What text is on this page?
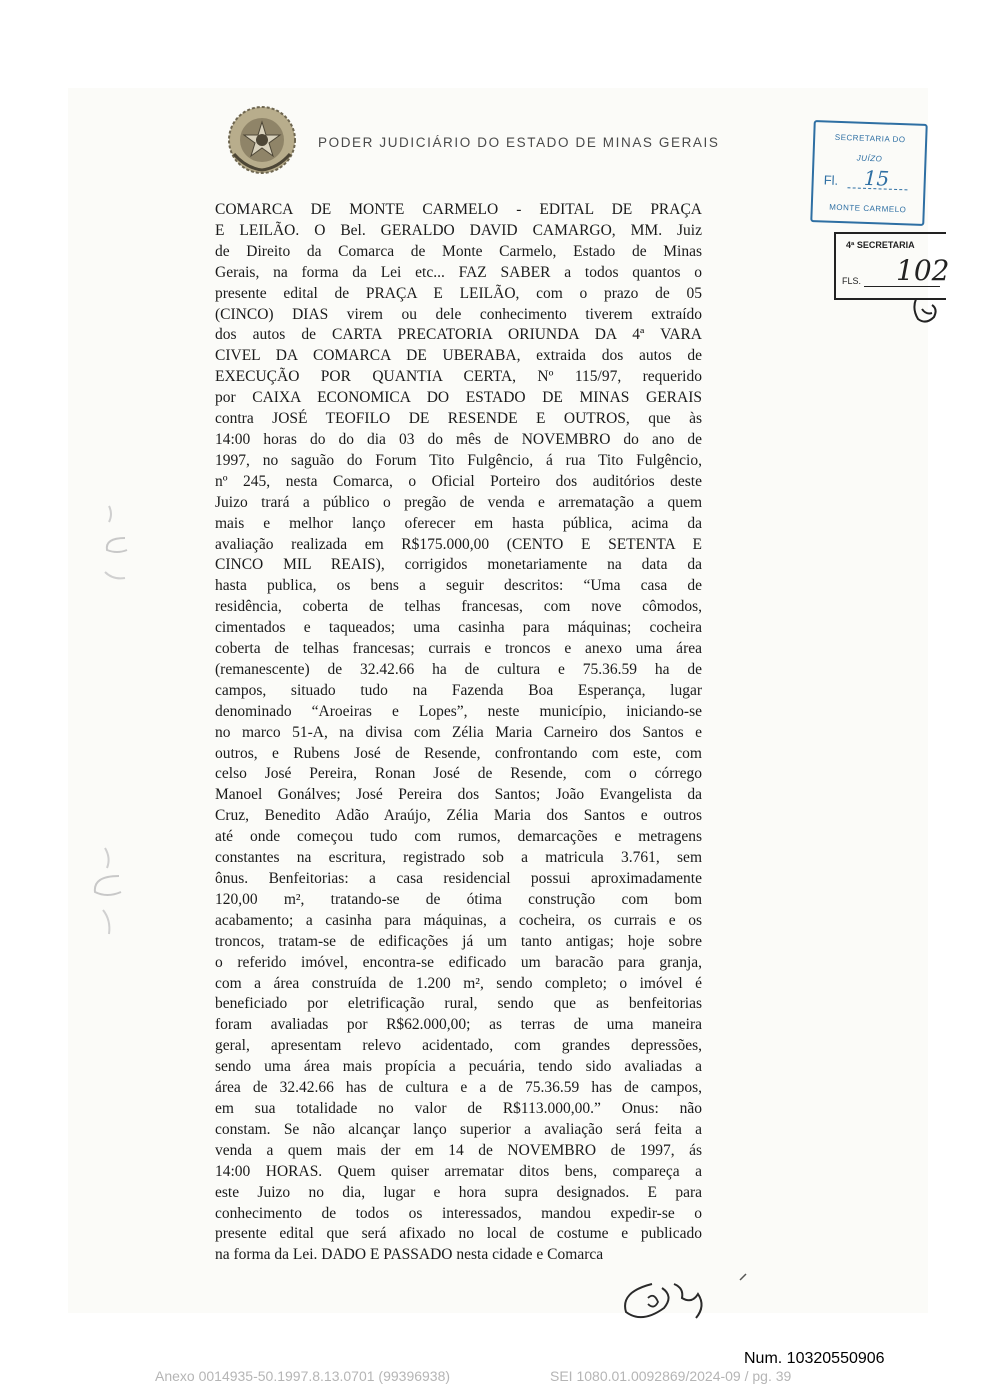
PODER JUDICIÁRIO DO ESTADO DE MINAS GERAIS	SECRETARIA DO
JUÍZO
Fl. 15
MONTE CARMELO
4ª SECRETARIA
FLS. 102

COMARCA DE MONTE CARMELO - EDITAL DE PRAÇA
E LEILÃO. O Bel. GERALDO DAVID CAMARGO, MM. Juiz
de Direito da Comarca de Monte Carmelo, Estado de Minas
Gerais, na forma da Lei etc... FAZ SABER a todos quantos o
presente edital de PRAÇA E LEILÃO, com o prazo de 05
(CINCO) DIAS virem ou dele conhecimento tiverem extraído
dos autos de CARTA PRECATORIA ORIUNDA DA 4ª VARA
CIVEL DA COMARCA DE UBERABA, extraida dos autos de
EXECUÇÃO POR QUANTIA CERTA, Nº 115/97, requerido
por CAIXA ECONOMICA DO ESTADO DE MINAS GERAIS
contra JOSÉ TEOFILO DE RESENDE E OUTROS, que às
14:00 horas do do dia 03 do mês de NOVEMBRO do ano de
1997, no saguão do Forum Tito Fulgêncio, á rua Tito Fulgêncio,
nº 245, nesta Comarca, o Oficial Porteiro dos auditórios deste
Juizo trará a público o pregão de venda e arrematação a quem
mais e melhor lanço oferecer em hasta pública, acima da
avaliação realizada em R$175.000,00 (CENTO E SETENTA E
CINCO MIL REAIS), corrigidos monetariamente na data da
hasta publica, os bens a seguir descritos: “Uma casa de
residência, coberta de telhas francesas, com nove cômodos,
cimentados e taqueados; uma casinha para máquinas; cocheira
coberta de telhas francesas; currais e troncos e anexo uma área
(remanescente) de 32.42.66 ha de cultura e 75.36.59 ha de
campos, situado tudo na Fazenda Boa Esperança, lugar
denominado “Aroeiras e Lopes”, neste município, iniciando-se
no marco 51-A, na divisa com Zélia Maria Carneiro dos Santos e
outros, e Rubens José de Resende, confrontando com este, com
celso José Pereira, Ronan José de Resende, com o córrego
Manoel Gonálves; José Pereira dos Santos; João Evangelista da
Cruz, Benedito Adão Araújo, Zélia Maria dos Santos e outros
até onde começou tudo com rumos, demarcações e metragens
constantes na escritura, registrado sob a matricula 3.761, sem
ônus. Benfeitorias: a casa residencial possui aproximadamente
120,00 m², tratando-se de ótima construção com bom
acabamento; a casinha para máquinas, a cocheira, os currais e os
troncos, tratam-se de edificações já um tanto antigas; hoje sobre
o referido imóvel, encontra-se edificado um baracão para granja,
com a área construída de 1.200 m², sendo completo; o imóvel é
beneficiado por eletrificação rural, sendo que as benfeitorias
foram avaliadas por R$62.000,00; as terras de uma maneira
geral, apresentam relevo acidentado, com grandes depressões,
sendo uma área mais propícia a pecuária, tendo sido avaliadas a
área de 32.42.66 has de cultura e a de 75.36.59 has de campos,
em sua totalidade no valor de R$113.000,00.” Onus: não
constam. Se não alcançar lanço superior a avaliação será feita a
venda a quem mais der em 14 de NOVEMBRO de 1997, ás
14:00 HORAS. Quem quiser arrematar ditos bens, compareça a
este Juizo no dia, lugar e hora supra designados. E para
conhecimento de todos os interessados, mandou expedir-se o
presente edital que será afixado no local de costume e publicado
na forma da Lei. DADO E PASSADO nesta cidade e Comarca

Num. 10320550906
Anexo 0014935-50.1997.8.13.0701 (99396938)	SEI 1080.01.0092869/2024-09 / pg. 39
